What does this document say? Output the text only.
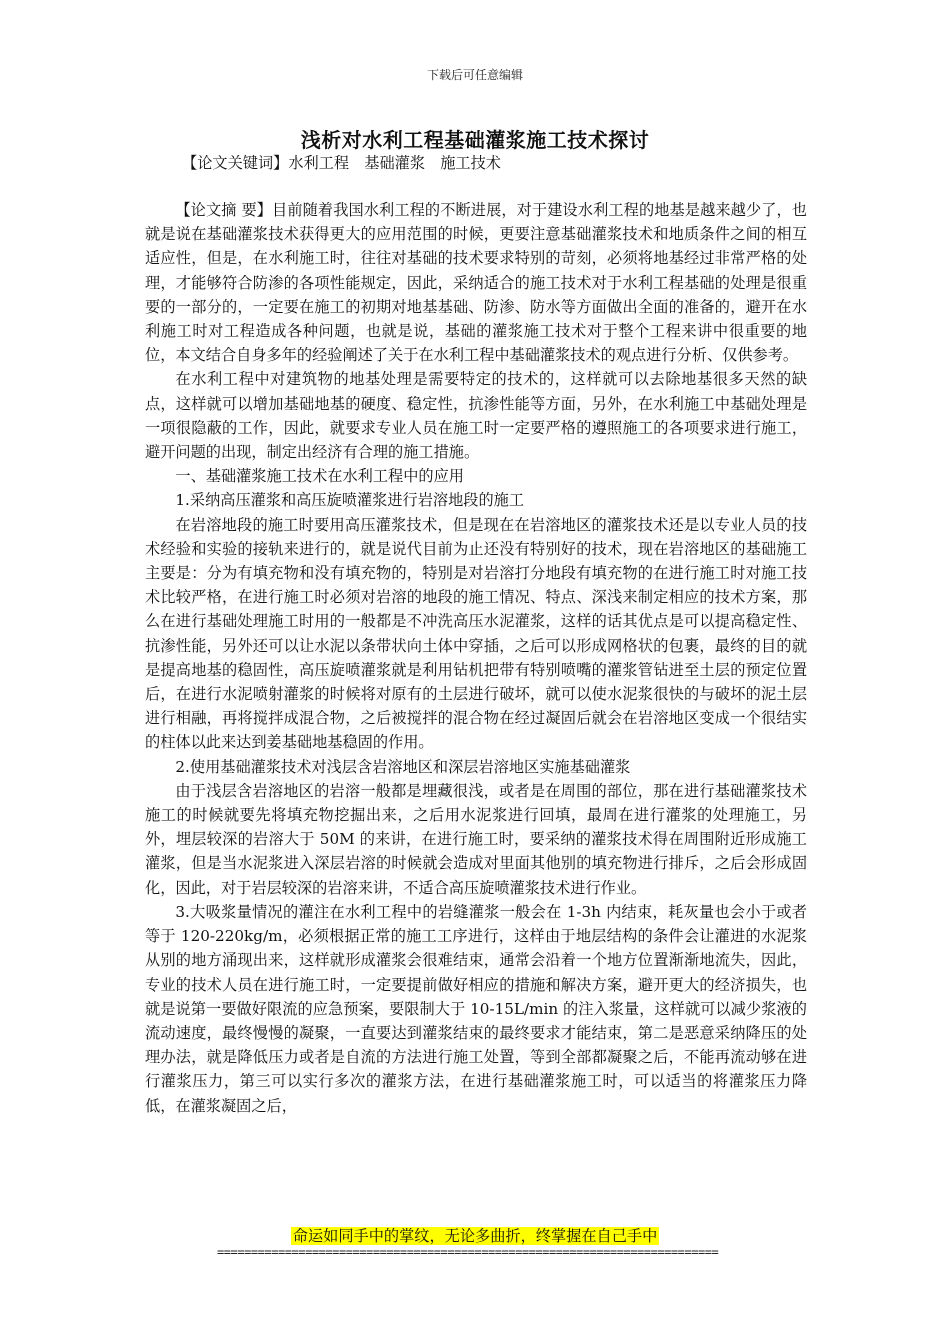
下载后可任意编辑
浅析对水利工程基础灌浆施工技术探讨
【论文关键词】水利工程　基础灌浆　施工技术

【论文摘 要】目前随着我国水利工程的不断进展，对于建设水利工程的地基是越来越少了，也就是说在基础灌浆技术获得更大的应用范围的时候，更要注意基础灌浆技术和地质条件之间的相互适应性，但是，在水利施工时，往往对基础的技术要求特别的苛刻，必须将地基经过非常严格的处理，才能够符合防渗的各项性能规定，因此，采纳适合的施工技术对于水利工程基础的处理是很重要的一部分的，一定要在施工的初期对地基基础、防渗、防水等方面做出全面的准备的，避开在水利施工时对工程造成各种问题，也就是说，基础的灌浆施工技术对于整个工程来讲中很重要的地位，本文结合自身多年的经验阐述了关于在水利工程中基础灌浆技术的观点进行分析、仅供参考。

在水利工程中对建筑物的地基处理是需要特定的技术的，这样就可以去除地基很多天然的缺点，这样就可以增加基础地基的硬度、稳定性，抗渗性能等方面，另外，在水利施工中基础处理是一项很隐蔽的工作，因此，就要求专业人员在施工时一定要严格的遵照施工的各项要求进行施工，避开问题的出现，制定出经济有合理的施工措施。

一、基础灌浆施工技术在水利工程中的应用

1.采纳高压灌浆和高压旋喷灌浆进行岩溶地段的施工

在岩溶地段的施工时要用高压灌浆技术，但是现在在岩溶地区的灌浆技术还是以专业人员的技术经验和实验的接轨来进行的，就是说代目前为止还没有特别好的技术，现在岩溶地区的基础施工主要是：分为有填充物和没有填充物的，特别是对岩溶打分地段有填充物的在进行施工时对施工技术比较严格，在进行施工时必须对岩溶的地段的施工情况、特点、深浅来制定相应的技术方案，那么在进行基础处理施工时用的一般都是不冲洗高压水泥灌浆，这样的话其优点是可以提高稳定性、抗渗性能，另外还可以让水泥以条带状向土体中穿插，之后可以形成网格状的包裹，最终的目的就是提高地基的稳固性，高压旋喷灌浆就是利用钻机把带有特别喷嘴的灌浆管钻进至土层的预定位置后，在进行水泥喷射灌浆的时候将对原有的土层进行破坏，就可以使水泥浆很快的与破坏的泥土层进行相融，再将搅拌成混合物，之后被搅拌的混合物在经过凝固后就会在岩溶地区变成一个很结实的柱体以此来达到姜基础地基稳固的作用。

2.使用基础灌浆技术对浅层含岩溶地区和深层岩溶地区实施基础灌浆

由于浅层含岩溶地区的岩溶一般都是埋藏很浅，或者是在周围的部位，那在进行基础灌浆技术施工的时候就要先将填充物挖掘出来，之后用水泥浆进行回填，最周在进行灌浆的处理施工，另外，埋层较深的岩溶大于 50M 的来讲，在进行施工时，要采纳的灌浆技术得在周围附近形成施工灌浆，但是当水泥浆进入深层岩溶的时候就会造成对里面其他别的填充物进行排斥，之后会形成固化，因此，对于岩层较深的岩溶来讲，不适合高压旋喷灌浆技术进行作业。

3.大吸浆量情况的灌注在水利工程中的岩缝灌浆一般会在 1-3h 内结束，耗灰量也会小于或者等于 120-220kg/m，必须根据正常的施工工序进行，这样由于地层结构的条件会让灌进的水泥浆从别的地方涌现出来，这样就形成灌浆会很难结束，通常会沿着一个地方位置渐渐地流失，因此，专业的技术人员在进行施工时，一定要提前做好相应的措施和解决方案，避开更大的经济损失，也就是说第一要做好限流的应急预案，要限制大于 10-15L/min 的注入浆量，这样就可以减少浆液的流动速度，最终慢慢的凝聚，一直要达到灌浆结束的最终要求才能结束，第二是恶意采纳降压的处理办法，就是降低压力或者是自流的方法进行施工处置，等到全部都凝聚之后，不能再流动够在进行灌浆压力，第三可以实行多次的灌浆方法，在进行基础灌浆施工时，可以适当的将灌浆压力降低，在灌浆凝固之后，

命运如同手中的掌纹，无论多曲折，终掌握在自己手中
==========================================================================
